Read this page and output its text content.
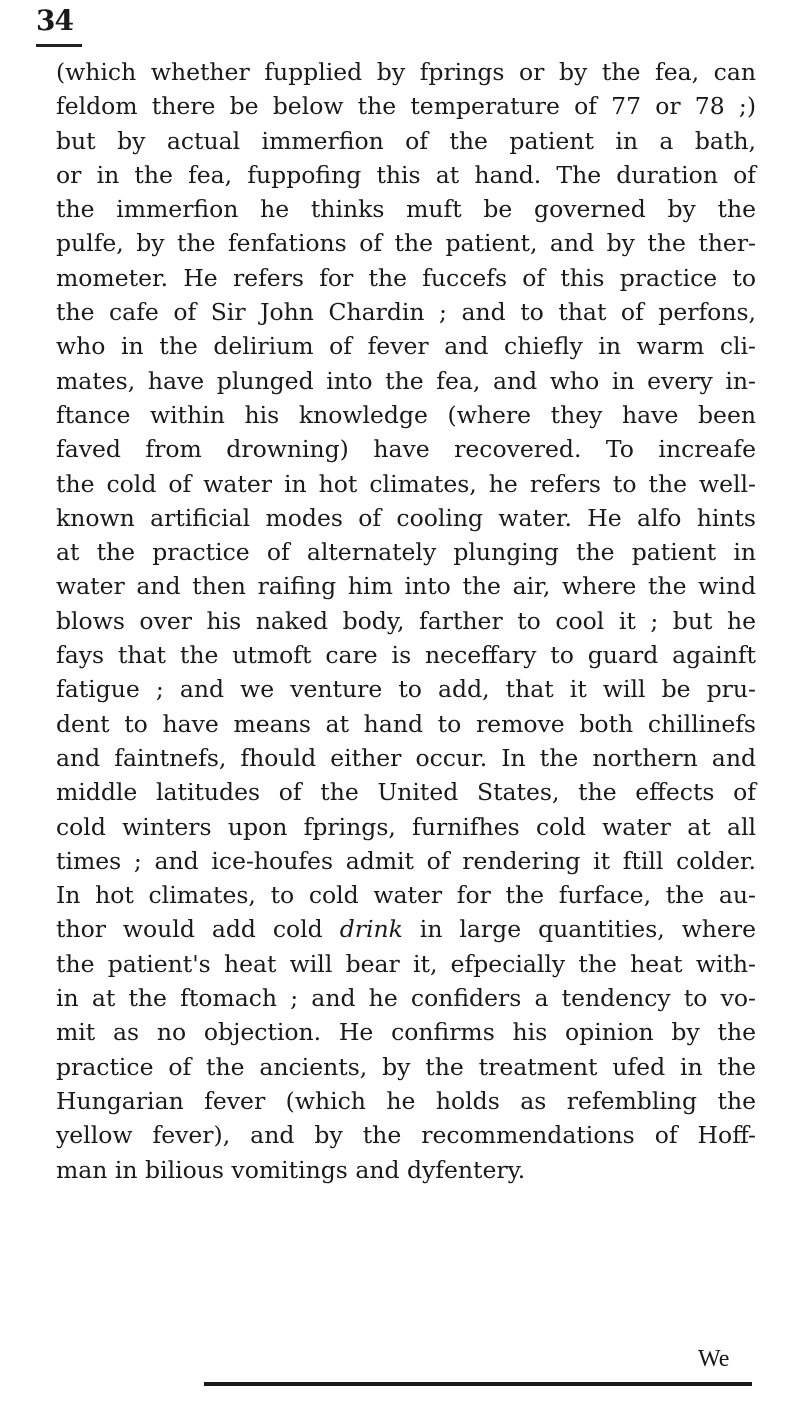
34
(which whether fupplied by fprings or by the fea, can
feldom there be below the temperature of 77 or 78 ;)
but by actual immerfion of the patient in a bath,
or in the fea, fuppofing this at hand. The duration of
the immerfion he thinks muft be governed by the
pulfe, by the fenfations of the patient, and by the ther-
mometer. He refers for the fuccefs of this practice to
the cafe of Sir John Chardin ; and to that of perfons,
who in the delirium of fever and chiefly in warm cli-
mates, have plunged into the fea, and who in every in-
ftance within his knowledge (where they have been
faved from drowning) have recovered. To increafe
the cold of water in hot climates, he refers to the well-
known artificial modes of cooling water. He alfo hints
at the practice of alternately plunging the patient in
water and then raifing him into the air, where the wind
blows over his naked body, farther to cool it ; but he
fays that the utmoft care is neceffary to guard againft
fatigue ; and we venture to add, that it will be pru-
dent to have means at hand to remove both chillinefs
and faintnefs, fhould either occur. In the northern and
middle latitudes of the United States, the effects of
cold winters upon fprings, furnifhes cold water at all
times ; and ice-houfes admit of rendering it ftill colder.
In hot climates, to cold water for the furface, the au-
thor would add cold drink in large quantities, where
the patient's heat will bear it, efpecially the heat with-
in at the ftomach ; and he confiders a tendency to vo-
mit as no objection. He confirms his opinion by the
practice of the ancients, by the treatment ufed in the
Hungarian fever (which he holds as refembling the
yellow fever), and by the recommendations of Hoff-
man in bilious vomitings and dyfentery.
We
